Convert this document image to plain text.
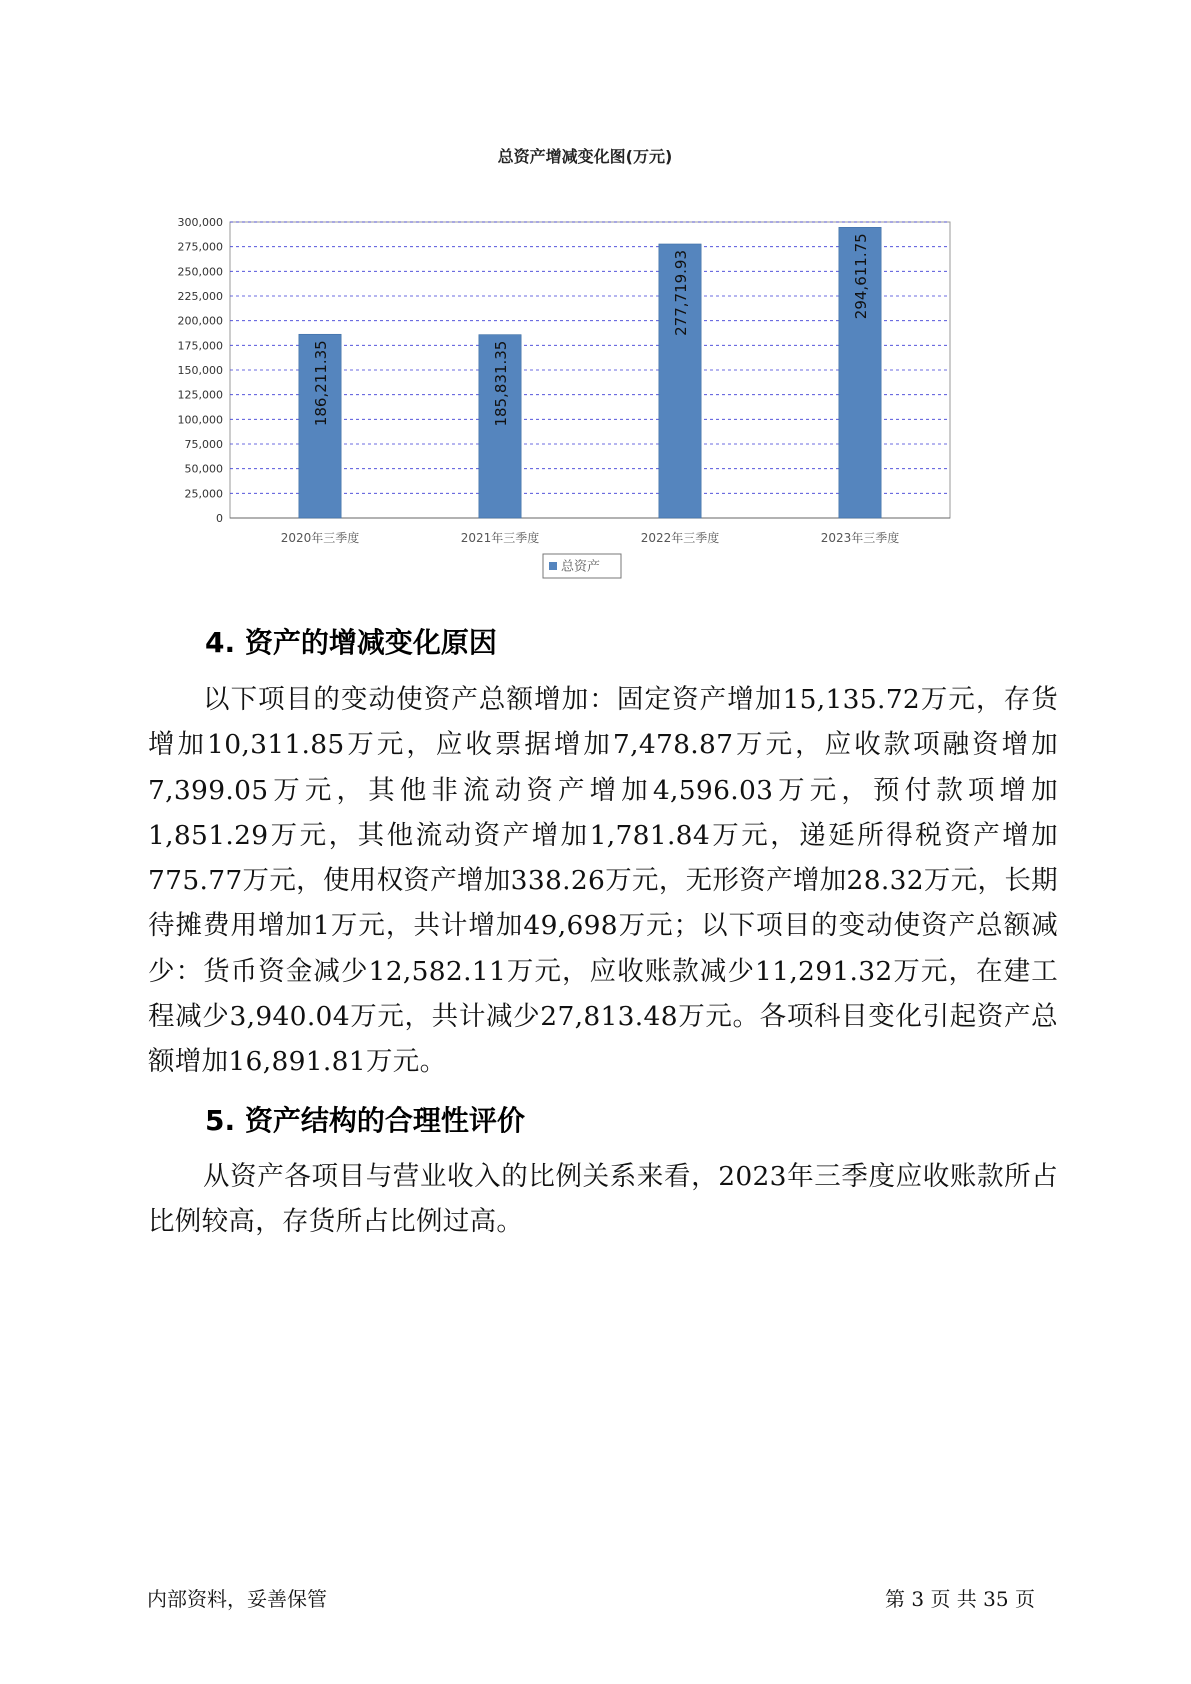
总资产增减变化图(万元)
0
25,000
50,000
75,000
100,000
125,000
150,000
175,000
200,000
225,000
250,000
275,000
300,000
2020年三季度	2021年三季度	2022年三季度	2023年三季度
186,211.35	185,831.35
277,719.93	294,611.75
总资产
4. 资产的增减变化原因
以下项目的变动使资产总额增加：固定资产增加15,135.72万元，存货增加10,311.85万元，应收票据增加7,478.87万元，应收款项融资增加7,399.05万元，其他非流动资产增加4,596.03万元，预付款项增加1,851.29万元，其他流动资产增加1,781.84万元，递延所得税资产增加775.77万元，使用权资产增加338.26万元，无形资产增加28.32万元，长期待摊费用增加1万元，共计增加49,698万元；以下项目的变动使资产总额减少：货币资金减少12,582.11万元，应收账款减少11,291.32万元，在建工程减少3,940.04万元，共计减少27,813.48万元。各项科目变化引起资产总额增加16,891.81万元。
5. 资产结构的合理性评价
从资产各项目与营业收入的比例关系来看，2023年三季度应收账款所占比例较高，存货所占比例过高。
内部资料，妥善保管	第 3 页 共 35 页
